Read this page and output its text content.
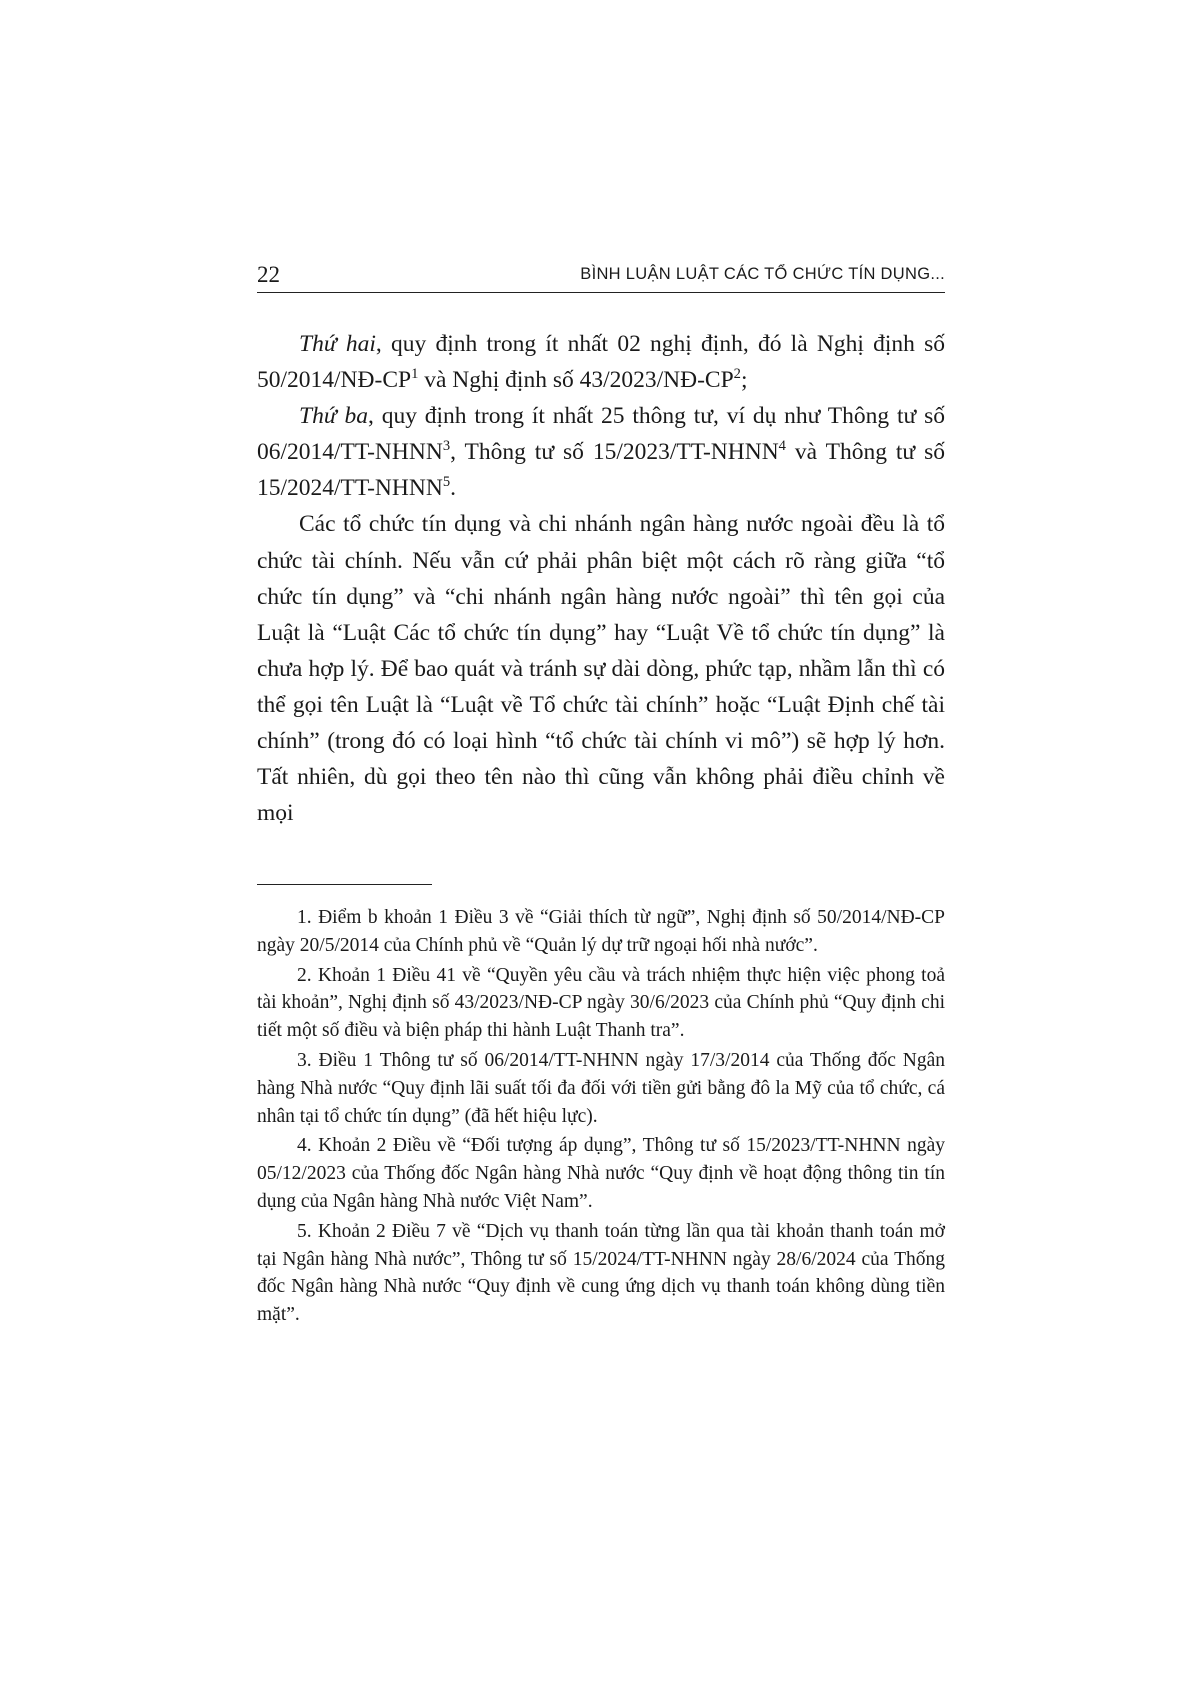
22	BÌNH LUẬN LUẬT CÁC TỔ CHỨC TÍN DỤNG...

Thứ hai, quy định trong ít nhất 02 nghị định, đó là Nghị định số $50/2014/NĐ-CP^1$ và Nghị định số $43/2023/NĐ-CP^2$;

Thứ ba, quy định trong ít nhất 25 thông tư, ví dụ như Thông tư số 06/2014/TT-NHNN$^3$, Thông tư số 15/2023/TT-NHNN$^4$ và Thông tư số 15/2024/TT-NHNN$^5$.

Các tổ chức tín dụng và chi nhánh ngân hàng nước ngoài đều là tổ chức tài chính. Nếu vẫn cứ phải phân biệt một cách rõ ràng giữa “tổ chức tín dụng” và “chi nhánh ngân hàng nước ngoài” thì tên gọi của Luật là “Luật Các tổ chức tín dụng” hay “Luật Về tổ chức tín dụng” là chưa hợp lý. Để bao quát và tránh sự dài dòng, phức tạp, nhầm lẫn thì có thể gọi tên Luật là “Luật về Tổ chức tài chính” hoặc “Luật Định chế tài chính” (trong đó có loại hình “tổ chức tài chính vi mô”) sẽ hợp lý hơn. Tất nhiên, dù gọi theo tên nào thì cũng vẫn không phải điều chỉnh về mọi

1. Điểm b khoản 1 Điều 3 về “Giải thích từ ngữ”, Nghị định số 50/2014/NĐ-CP ngày 20/5/2014 của Chính phủ về “Quản lý dự trữ ngoại hối nhà nước”.

2. Khoản 1 Điều 41 về “Quyền yêu cầu và trách nhiệm thực hiện việc phong toả tài khoản”, Nghị định số 43/2023/NĐ-CP ngày 30/6/2023 của Chính phủ “Quy định chi tiết một số điều và biện pháp thi hành Luật Thanh tra”.

3. Điều 1 Thông tư số 06/2014/TT-NHNN ngày 17/3/2014 của Thống đốc Ngân hàng Nhà nước “Quy định lãi suất tối đa đối với tiền gửi bằng đô la Mỹ của tổ chức, cá nhân tại tổ chức tín dụng” (đã hết hiệu lực).

4. Khoản 2 Điều về “Đối tượng áp dụng”, Thông tư số 15/2023/TT-NHNN ngày 05/12/2023 của Thống đốc Ngân hàng Nhà nước “Quy định về hoạt động thông tin tín dụng của Ngân hàng Nhà nước Việt Nam”.

5. Khoản 2 Điều 7 về “Dịch vụ thanh toán từng lần qua tài khoản thanh toán mở tại Ngân hàng Nhà nước”, Thông tư số 15/2024/TT-NHNN ngày 28/6/2024 của Thống đốc Ngân hàng Nhà nước “Quy định về cung ứng dịch vụ thanh toán không dùng tiền mặt”.
